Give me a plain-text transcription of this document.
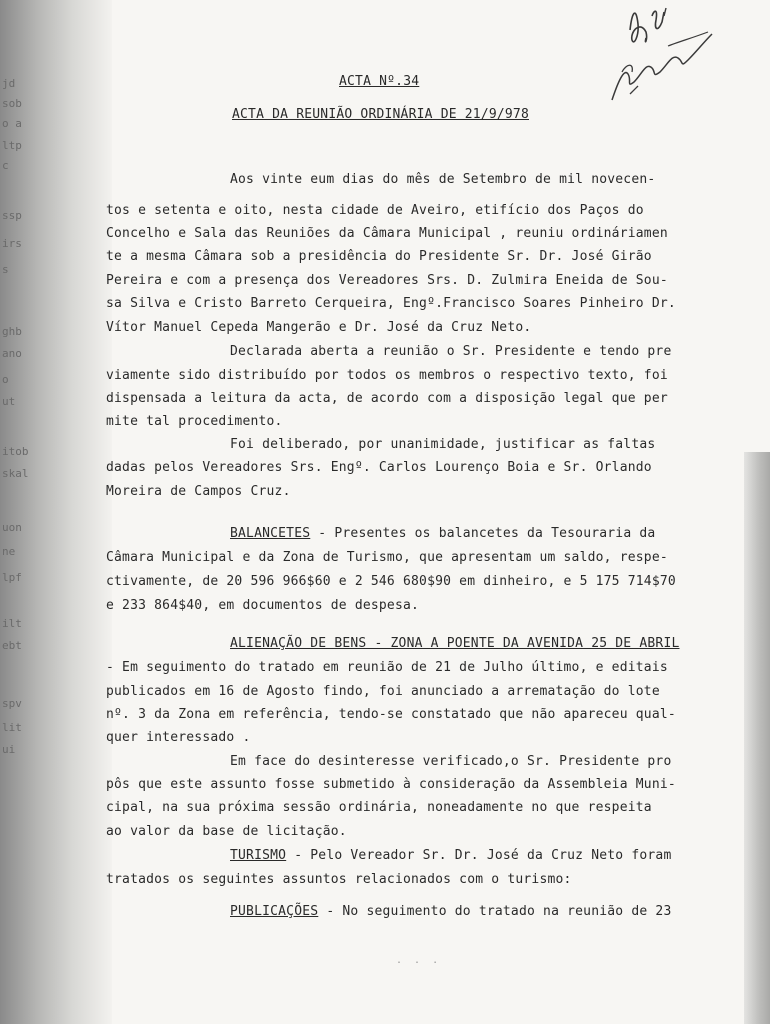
jd
sob
o a
ltp
c
ssp
irs
s
ghb
ano
o
ut
itob
skal
uon
ne
lpf
ilt
ebt
spv
lit
ui
ACTA Nº.34
ACTA DA REUNIÃO ORDINÁRIA DE 21/9/978
Aos vinte eum dias do mês de Setembro de mil novecen-
tos e setenta e oito, nesta cidade de Aveiro, etifício dos Paços do
Concelho e Sala das Reuniões da Câmara Municipal , reuniu ordináriamen
te a mesma Câmara sob a presidência do Presidente Sr. Dr. José Girão
Pereira e com a presença dos Vereadores Srs. D. Zulmira Eneida de Sou-
sa Silva e Cristo Barreto Cerqueira, Engº.Francisco Soares Pinheiro Dr.
Vítor Manuel Cepeda Mangerão e Dr. José da Cruz Neto.
Declarada aberta a reunião o Sr. Presidente e tendo pre
viamente sido distribuído por todos os membros o respectivo texto, foi
dispensada a leitura da acta, de acordo com a disposição legal que per
mite tal procedimento.
Foi deliberado, por unanimidade, justificar as faltas
dadas pelos Vereadores Srs. Engº. Carlos Lourenço Boia e Sr. Orlando
Moreira de Campos Cruz.
BALANCETES - Presentes os balancetes da Tesouraria da
Câmara Municipal e da Zona de Turismo, que apresentam um saldo, respe-
ctivamente, de 20 596 966$60 e 2 546 680$90 em dinheiro, e 5 175 714$70
e 233 864$40, em documentos de despesa.
ALIENAÇÃO DE BENS - ZONA A POENTE DA AVENIDA 25 DE ABRIL
- Em seguimento do tratado em reunião de 21 de Julho último, e editais
publicados em 16 de Agosto findo, foi anunciado a arrematação do lote
nº. 3 da Zona em referência, tendo-se constatado que não apareceu qual-
quer interessado .
Em face do desinteresse verificado,o Sr. Presidente pro
pôs que este assunto fosse submetido à consideração da Assembleia Muni-
cipal, na sua próxima sessão ordinária, noneadamente no que respeita
ao valor da base de licitação.
TURISMO - Pelo Vereador Sr. Dr. José da Cruz Neto foram
tratados os seguintes assuntos relacionados com o turismo:
PUBLICAÇÕES - No seguimento do tratado na reunião de 23
. . .
